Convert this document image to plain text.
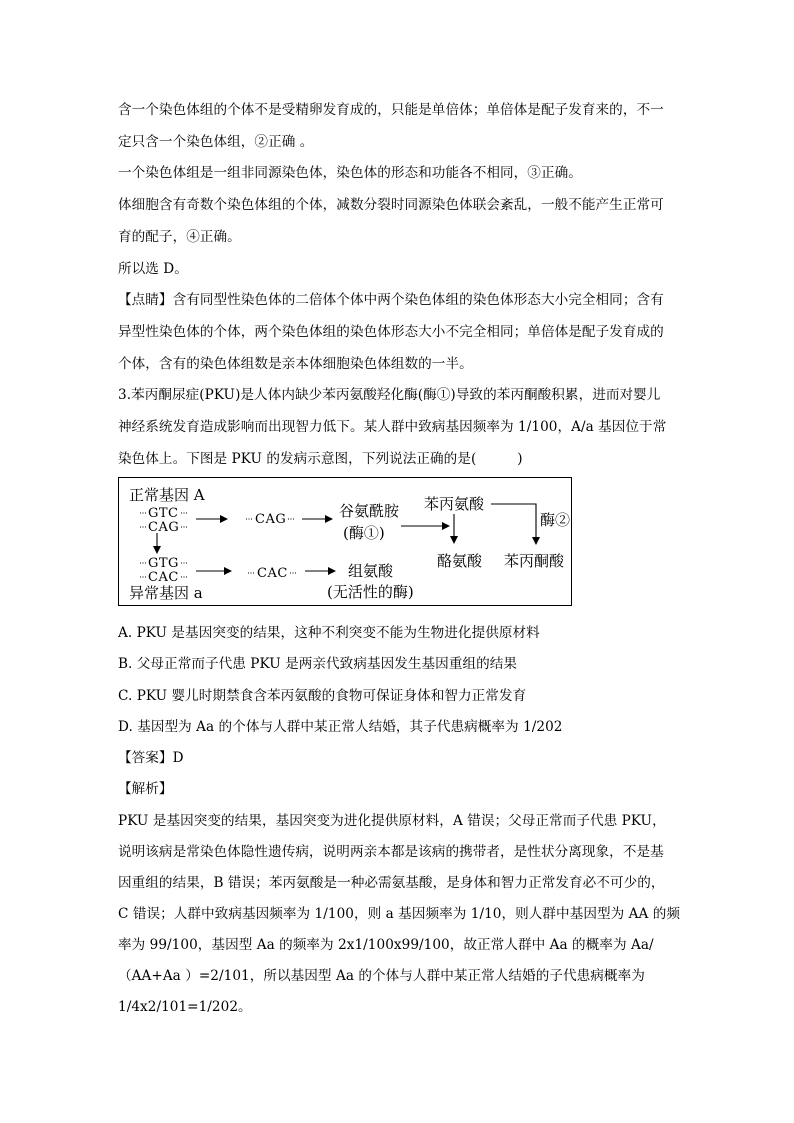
含一个染色体组的个体不是受精卵发育成的，只能是单倍体；单倍体是配子发育来的，不一
定只含一个染色体组，②正确 。
一个染色体组是一组非同源染色体，染色体的形态和功能各不相同，③正确。
体细胞含有奇数个染色体组的个体，减数分裂时同源染色体联会紊乱，一般不能产生正常可
育的配子，④正确。
所以选 D。
【点睛】含有同型性染色体的二倍体个体中两个染色体组的染色体形态大小完全相同；含有
异型性染色体的个体，两个染色体组的染色体形态大小不完全相同；单倍体是配子发育成的
个体，含有的染色体组数是亲本体细胞染色体组数的一半。
3.苯丙酮尿症(PKU)是人体内缺少苯丙氨酸羟化酶(酶①)导致的苯丙酮酸积累，进而对婴儿
神经系统发育造成影响而出现智力低下。某人群中致病基因频率为 1/100，A/a 基因位于常
染色体上。下图是 PKU 的发病示意图，下列说法正确的是(　　　)
正常基因 A
GTC
CAG
CAG	谷氨酰胺
(酶①)
苯丙氨酸
酶②
酪氨酸 苯丙酮酸
GTG
CAC	CAC	组氨酸
(无活性的酶)
异常基因 a
A. PKU 是基因突变的结果，这种不利突变不能为生物进化提供原材料
B. 父母正常而子代患 PKU 是两亲代致病基因发生基因重组的结果
C. PKU 婴儿时期禁食含苯丙氨酸的食物可保证身体和智力正常发育
D. 基因型为 Aa 的个体与人群中某正常人结婚，其子代患病概率为 1/202
【答案】D
【解析】
PKU 是基因突变的结果，基因突变为进化提供原材料，A 错误；父母正常而子代患 PKU，
说明该病是常染色体隐性遗传病，说明两亲本都是该病的携带者，是性状分离现象，不是基
因重组的结果，B 错误；苯丙氨酸是一种必需氨基酸，是身体和智力正常发育必不可少的，
C 错误；人群中致病基因频率为 1/100，则 a 基因频率为 1/10，则人群中基因型为 AA 的频
率为 99/100，基因型 Aa 的频率为 2x1/100x99/100，故正常人群中 Aa 的概率为 Aa/
（AA+Aa ）=2/101，所以基因型 Aa 的个体与人群中某正常人结婚的子代患病概率为
1/4x2/101=1/202。
